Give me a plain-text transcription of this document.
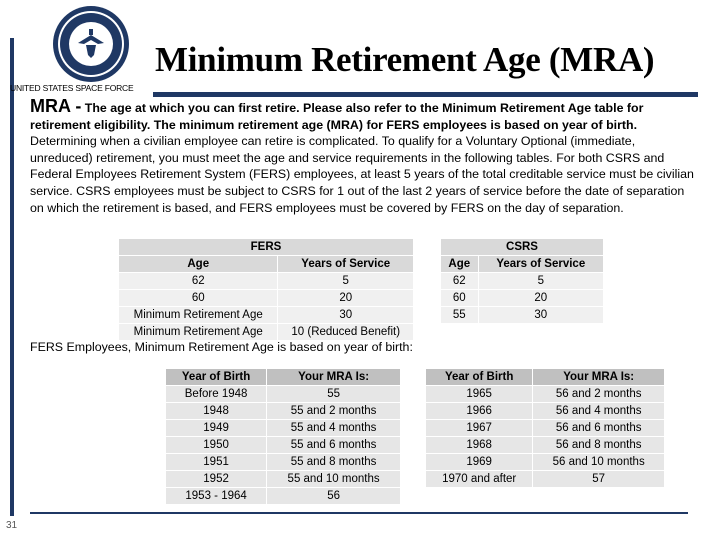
UNITED STATES SPACE FORCE
Minimum Retirement Age (MRA)
MRA - The age at which you can first retire. Please also refer to the Minimum Retirement Age table for retirement eligibility. The minimum retirement age (MRA) for FERS employees is based on year of birth. Determining when a civilian employee can retire is complicated. To qualify for a Voluntary Optional (immediate, unreduced) retirement, you must meet the age and service requirements in the following tables. For both CSRS and Federal Employees Retirement System (FERS) employees, at least 5 years of the total creditable service must be civilian service. CSRS employees must be subject to CSRS for 1 out of the last 2 years of service before the date of separation on which the retirement is based, and FERS employees must be covered by FERS on the day of separation.
FERS	
Age	Years of Service
62	5
60	20
Minimum Retirement Age	30
Minimum Retirement Age	10 (Reduced Benefit)
CSRS	
Age	Years of Service
62	5
60	20
55	30
FERS Employees, Minimum Retirement Age is based on year of birth:
Year of Birth	Your MRA Is:
Before 1948	55
1948	55 and 2 months
1949	55 and 4 months
1950	55 and 6 months
1951	55 and 8 months
1952	55 and 10 months
1953 - 1964	56
Year of Birth	Your MRA Is:
1965	56 and 2 months
1966	56 and 4 months
1967	56 and 6 months
1968	56 and 8 months
1969	56 and 10 months
1970 and after	57
31
